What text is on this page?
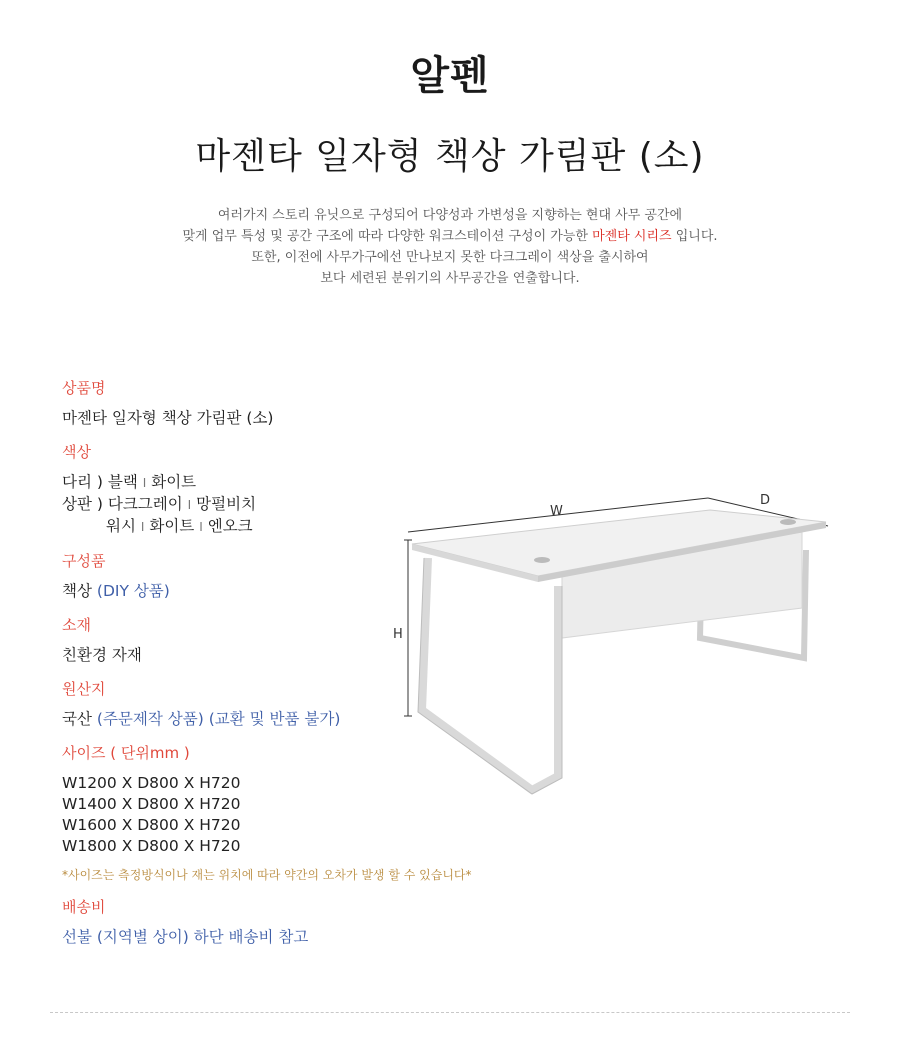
알펜
마젠타 일자형 책상 가림판 (소)
여러가지 스토리 유닛으로 구성되어 다양성과 가변성을 지향하는 현대 사무 공간에
맞게 업무 특성 및 공간 구조에 따라 다양한 워크스테이션 구성이 가능한 마젠타 시리즈 입니다.
또한, 이전에 사무가구에선 만나보지 못한 다크그레이 색상을 출시하여
보다 세련된 분위기의 사무공간을 연출합니다.

상품명

마젠타 일자형 책상 가림판 (소)

색상

다리 ) 블랙 I 화이트

상판 ) 다크그레이 I 망펄비치

워시 I 화이트 I 엔오크

구성품

책상 (DIY 상품)

소재

친환경 자재

원산지

국산 (주문제작 상품) (교환 및 반품 불가)

사이즈 ( 단위mm )

W1200 X D800 X H720

W1400 X D800 X H720

W1600 X D800 X H720

W1800 X D800 X H720

*사이즈는 측정방식이나 재는 위치에 따라 약간의 오차가 발생 할 수 있습니다*

배송비

선불 (지역별 상이) 하단 배송비 참고

W
D
H
